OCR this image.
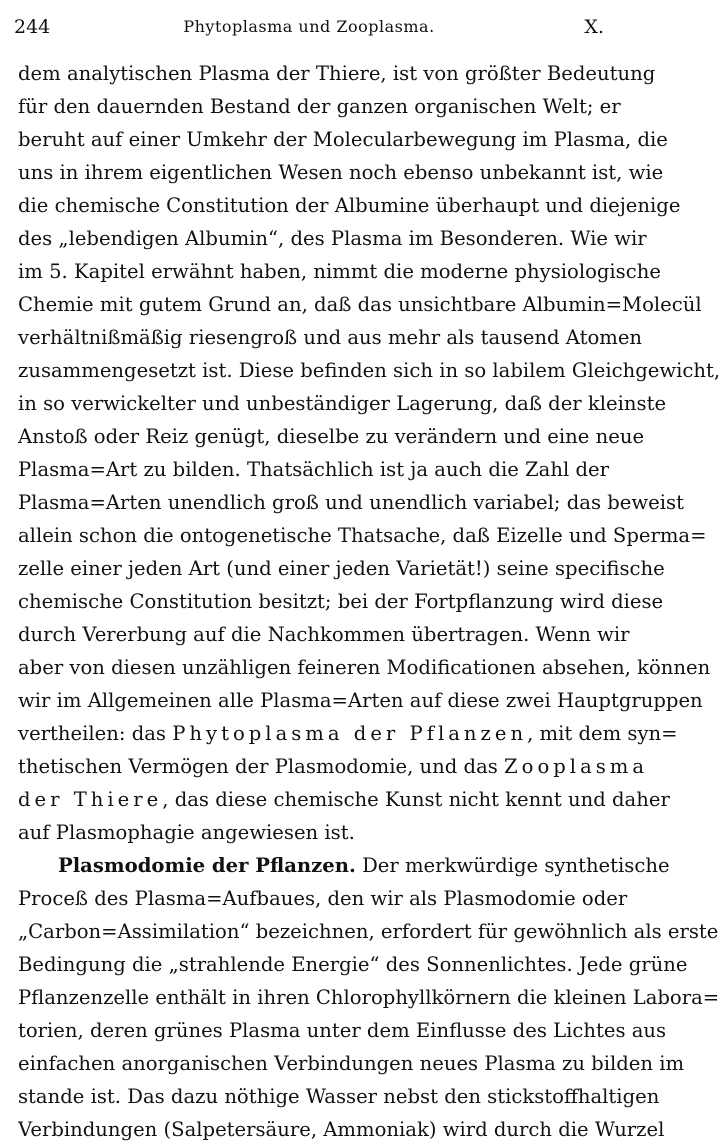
244	Phytoplasma und Zooplasma.	X.
dem analytischen Plasma der Thiere, ist von größter Bedeutung
für den dauernden Bestand der ganzen organischen Welt; er
beruht auf einer Umkehr der Molecularbewegung im Plasma, die
uns in ihrem eigentlichen Wesen noch ebenso unbekannt ist, wie
die chemische Constitution der Albumine überhaupt und diejenige
des „lebendigen Albumin“, des Plasma im Besonderen. Wie wir
im 5. Kapitel erwähnt haben, nimmt die moderne physiologische
Chemie mit gutem Grund an, daß das unsichtbare Albumin=Molecül
verhältnißmäßig riesengroß und aus mehr als tausend Atomen
zusammengesetzt ist. Diese befinden sich in so labilem Gleichgewicht,
in so verwickelter und unbeständiger Lagerung, daß der kleinste
Anstoß oder Reiz genügt, dieselbe zu verändern und eine neue
Plasma=Art zu bilden. Thatsächlich ist ja auch die Zahl der
Plasma=Arten unendlich groß und unendlich variabel; das beweist
allein schon die ontogenetische Thatsache, daß Eizelle und Sperma=
zelle einer jeden Art (und einer jeden Varietät!) seine specifische
chemische Constitution besitzt; bei der Fortpflanzung wird diese
durch Vererbung auf die Nachkommen übertragen. Wenn wir
aber von diesen unzähligen feineren Modificationen absehen, können
wir im Allgemeinen alle Plasma=Arten auf diese zwei Hauptgruppen
vertheilen: das Phytoplasma der Pflanzen, mit dem syn=
thetischen Vermögen der Plasmodomie, und das Zooplasma
der Thiere, das diese chemische Kunst nicht kennt und daher
auf Plasmophagie angewiesen ist.
Plasmodomie der Pflanzen. Der merkwürdige synthetische
Proceß des Plasma=Aufbaues, den wir als Plasmodomie oder
„Carbon=Assimilation“ bezeichnen, erfordert für gewöhnlich als erste
Bedingung die „strahlende Energie“ des Sonnenlichtes. Jede grüne
Pflanzenzelle enthält in ihren Chlorophyllkörnern die kleinen Labora=
torien, deren grünes Plasma unter dem Einflusse des Lichtes aus
einfachen anorganischen Verbindungen neues Plasma zu bilden im
stande ist. Das dazu nöthige Wasser nebst den stickstoffhaltigen
Verbindungen (Salpetersäure, Ammoniak) wird durch die Wurzel
